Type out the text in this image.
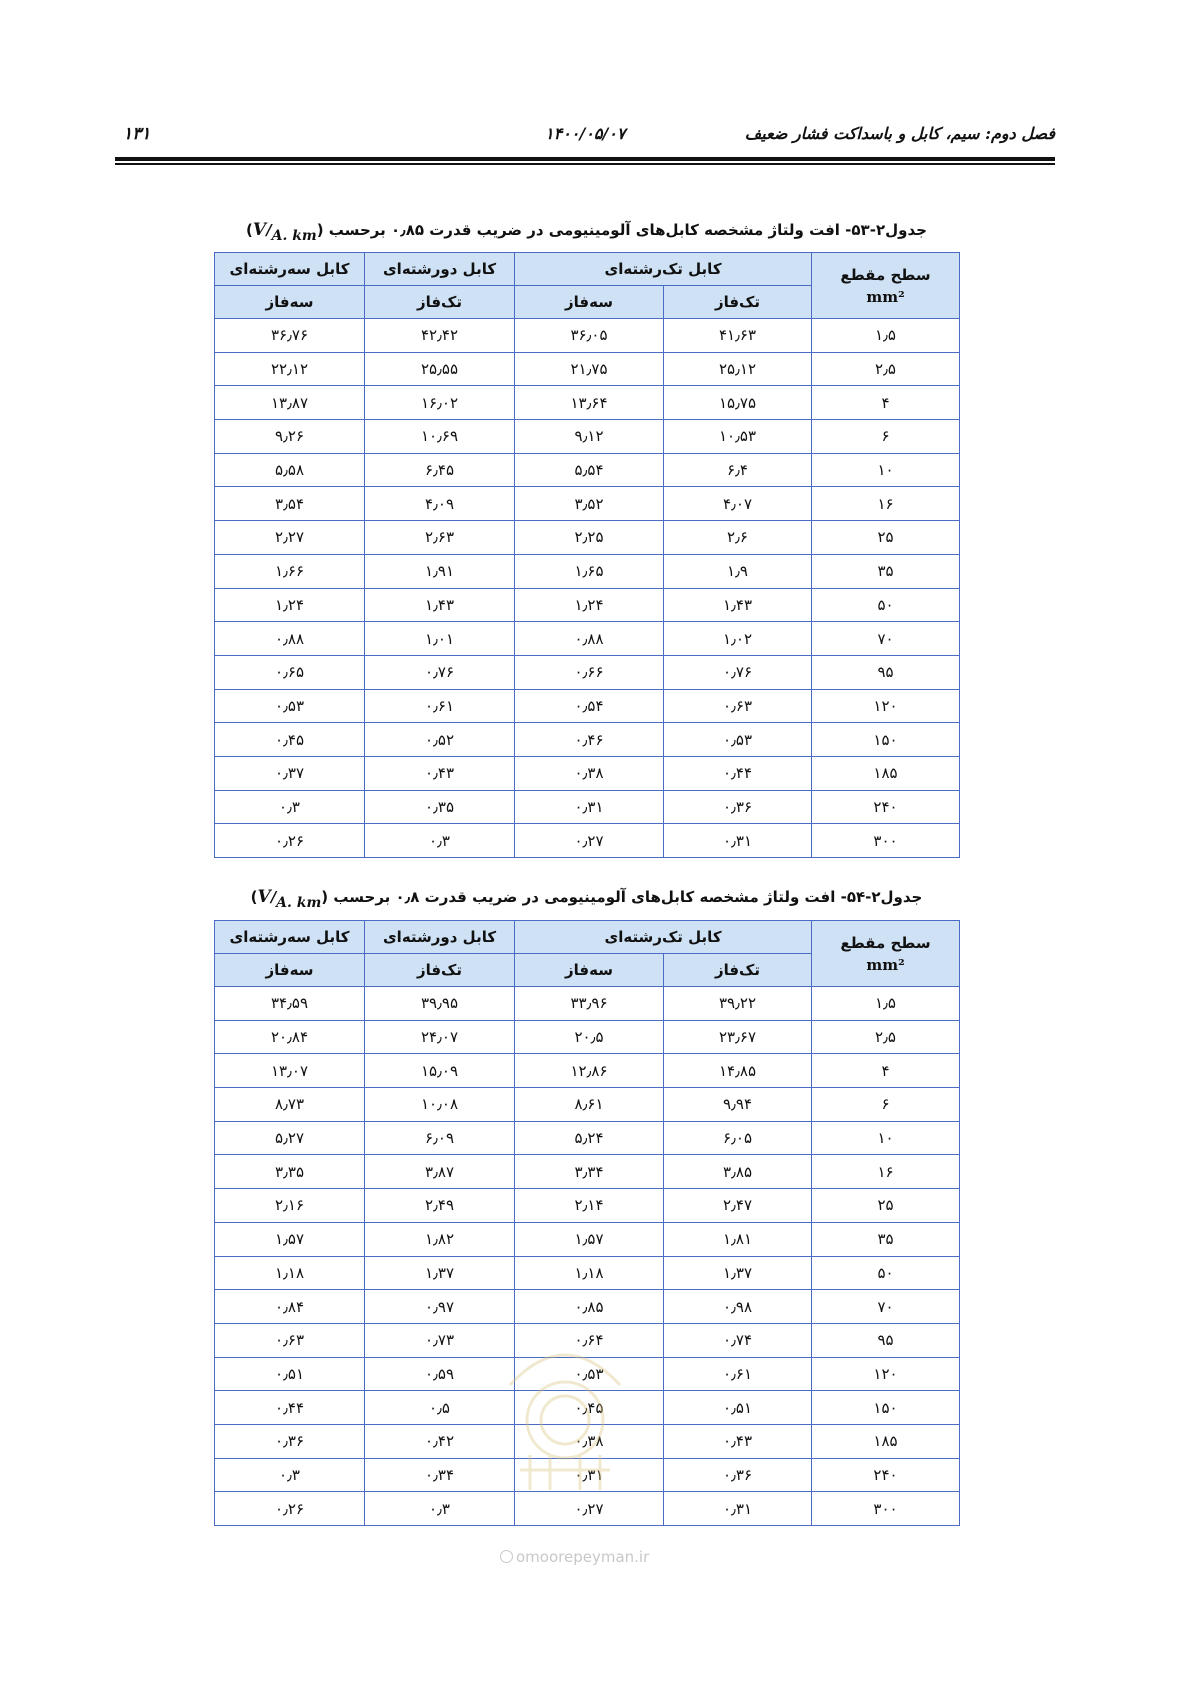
فصل دوم: سیم، کابل و باسداکت فشار ضعیف
۱۴۰۰/۰۵/۰۷
۱۳۱
جدول۲-۵۳- افت ولتاژ مشخصه کابل‌های آلومینیومی در ضریب قدرت ۰٫۸۵ برحسب (V/A. km)
سطح مقطع
mm²	کابل تک‌رشته‌ای		کابل دورشته‌ای	کابل سه‌رشته‌ای
	تک‌فاز	سه‌فاز	تک‌فاز	سه‌فاز
۱٫۵	۴۱٫۶۳	۳۶٫۰۵	۴۲٫۴۲	۳۶٫۷۶
۲٫۵	۲۵٫۱۲	۲۱٫۷۵	۲۵٫۵۵	۲۲٫۱۲
۴	۱۵٫۷۵	۱۳٫۶۴	۱۶٫۰۲	۱۳٫۸۷
۶	۱۰٫۵۳	۹٫۱۲	۱۰٫۶۹	۹٫۲۶
۱۰	۶٫۴	۵٫۵۴	۶٫۴۵	۵٫۵۸
۱۶	۴٫۰۷	۳٫۵۲	۴٫۰۹	۳٫۵۴
۲۵	۲٫۶	۲٫۲۵	۲٫۶۳	۲٫۲۷
۳۵	۱٫۹	۱٫۶۵	۱٫۹۱	۱٫۶۶
۵۰	۱٫۴۳	۱٫۲۴	۱٫۴۳	۱٫۲۴
۷۰	۱٫۰۲	۰٫۸۸	۱٫۰۱	۰٫۸۸
۹۵	۰٫۷۶	۰٫۶۶	۰٫۷۶	۰٫۶۵
۱۲۰	۰٫۶۳	۰٫۵۴	۰٫۶۱	۰٫۵۳
۱۵۰	۰٫۵۳	۰٫۴۶	۰٫۵۲	۰٫۴۵
۱۸۵	۰٫۴۴	۰٫۳۸	۰٫۴۳	۰٫۳۷
۲۴۰	۰٫۳۶	۰٫۳۱	۰٫۳۵	۰٫۳
۳۰۰	۰٫۳۱	۰٫۲۷	۰٫۳	۰٫۲۶
جدول۲-۵۴- افت ولتاژ مشخصه کابل‌های آلومینیومی در ضریب قدرت ۰٫۸ برحسب (V/A. km)
سطح مقطع
mm²	کابل تک‌رشته‌ای		کابل دورشته‌ای	کابل سه‌رشته‌ای
	تک‌فاز	سه‌فاز	تک‌فاز	سه‌فاز
۱٫۵	۳۹٫۲۲	۳۳٫۹۶	۳۹٫۹۵	۳۴٫۵۹
۲٫۵	۲۳٫۶۷	۲۰٫۵	۲۴٫۰۷	۲۰٫۸۴
۴	۱۴٫۸۵	۱۲٫۸۶	۱۵٫۰۹	۱۳٫۰۷
۶	۹٫۹۴	۸٫۶۱	۱۰٫۰۸	۸٫۷۳
۱۰	۶٫۰۵	۵٫۲۴	۶٫۰۹	۵٫۲۷
۱۶	۳٫۸۵	۳٫۳۴	۳٫۸۷	۳٫۳۵
۲۵	۲٫۴۷	۲٫۱۴	۲٫۴۹	۲٫۱۶
۳۵	۱٫۸۱	۱٫۵۷	۱٫۸۲	۱٫۵۷
۵۰	۱٫۳۷	۱٫۱۸	۱٫۳۷	۱٫۱۸
۷۰	۰٫۹۸	۰٫۸۵	۰٫۹۷	۰٫۸۴
۹۵	۰٫۷۴	۰٫۶۴	۰٫۷۳	۰٫۶۳
۱۲۰	۰٫۶۱	۰٫۵۳	۰٫۵۹	۰٫۵۱
۱۵۰	۰٫۵۱	۰٫۴۵	۰٫۵	۰٫۴۴
۱۸۵	۰٫۴۳	۰٫۳۸	۰٫۴۲	۰٫۳۶
۲۴۰	۰٫۳۶	۰٫۳۱	۰٫۳۴	۰٫۳
۳۰۰	۰٫۳۱	۰٫۲۷	۰٫۳	۰٫۲۶
omoorepeyman.ir
